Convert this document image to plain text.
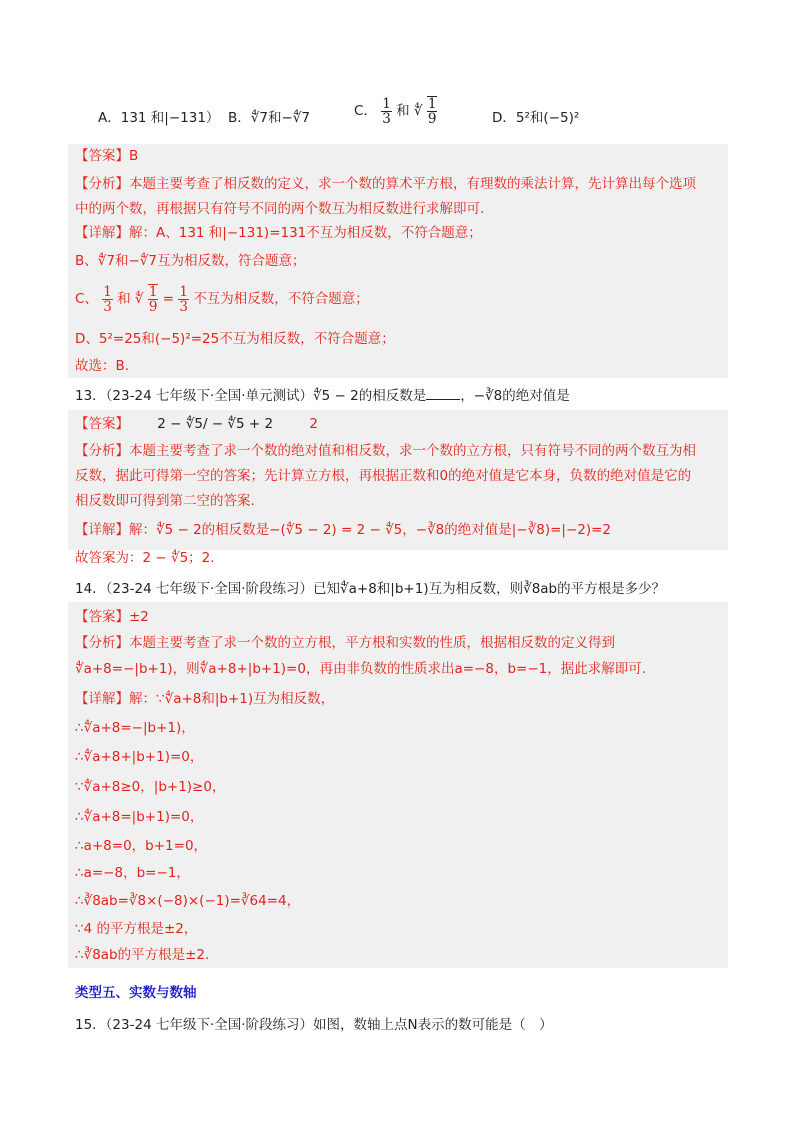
A．131 和|−131） B．∜7和−∜7	C． $\frac{1}{3}$ 和 ∜ $\frac{1}{9}$	D．5²和(−5)²
【答案】B
【分析】本题主要考查了相反数的定义，求一个数的算术平方根，有理数的乘法计算，先计算出每个选项
中的两个数，再根据只有符号不同的两个数互为相反数进行求解即可.
【详解】解：A、131 和|−131)=131不互为相反数，不符合题意；
B、∜7和−∜7互为相反数，符合题意；
C、 $\frac{1}{3}$ 和 ∜ $\frac{1}{9} = \frac{1}{3}$ 不互为相反数，不符合题意；
D、5²=25和(−5)²=25不互为相反数，不符合题意；
故选：B.
13．（23-24 七年级下·全国·单元测试）∜5 − 2的相反数是	，−∛8的绝对值是
【答案】 2 − ∜5/ − ∜5 + 2	2
【分析】本题主要考查了求一个数的绝对值和相反数，求一个数的立方根，只有符号不同的两个数互为相
反数，据此可得第一空的答案；先计算立方根，再根据正数和0的绝对值是它本身，负数的绝对值是它的
相反数即可得到第二空的答案.
【详解】解：∜5 − 2的相反数是−(∜5 − 2) = 2 − ∜5，−∛8的绝对值是|−∛8)=|−2)=2
故答案为：2 − ∜5；2.
14．（23-24 七年级下·全国·阶段练习）已知∜a+8和|b+1)互为相反数，则∛8ab的平方根是多少？
【答案】±2
【分析】本题主要考查了求一个数的立方根，平方根和实数的性质，根据相反数的定义得到
∜a+8=−|b+1)，则∜a+8+|b+1)=0，再由非负数的性质求出a=−8，b=−1，据此求解即可.
【详解】解：∵∜a+8和|b+1)互为相反数，
∴∜a+8=−|b+1)，
∴∜a+8+|b+1)=0，
∵∜a+8≥0，|b+1)≥0，
∴∜a+8=|b+1)=0，
∴a+8=0，b+1=0，
∴a=−8，b=−1，
∴∛8ab=∛8×(−8)×(−1)=∛64=4，
∵4 的平方根是±2，
∴∛8ab的平方根是±2.
类型五、实数与数轴
15．（23-24 七年级下·全国·阶段练习）如图，数轴上点N表示的数可能是（　）
